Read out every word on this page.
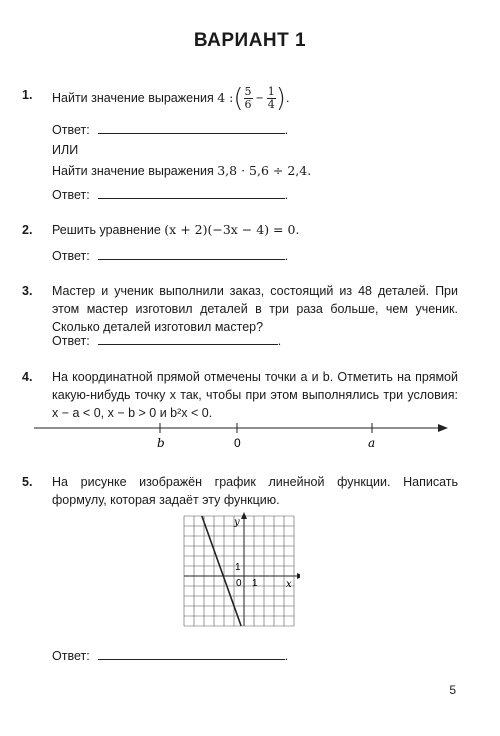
ВАРИАНТ 1
1. Найти значение выражения 4 :( $\frac{5}{6} - \frac{1}{4}$ ).
Ответ:	.
ИЛИ
Найти значение выражения 3,8 · 5,6 ÷ 2,4.
Ответ:	.
2. Решить уравнение (x + 2)(−3x − 4) = 0.
Ответ:	.
3. Мастер и ученик выполнили заказ, состоящий из 48 деталей. При этом мастер изготовил деталей в три раза больше, чем ученик. Сколько деталей изготовил мастер?
Ответ:	.
4. На координатной прямой отмечены точки a и b. Отметить на прямой какую-нибудь точку x так, чтобы при этом выполнялись три условия: x − a < 0, x − b > 0 и b²x < 0.
b	0	a
5. На рисунке изображён график линейной функции. Написать формулу, которая задаёт эту функцию.
x
y
0 1
1
Ответ:	.
5
